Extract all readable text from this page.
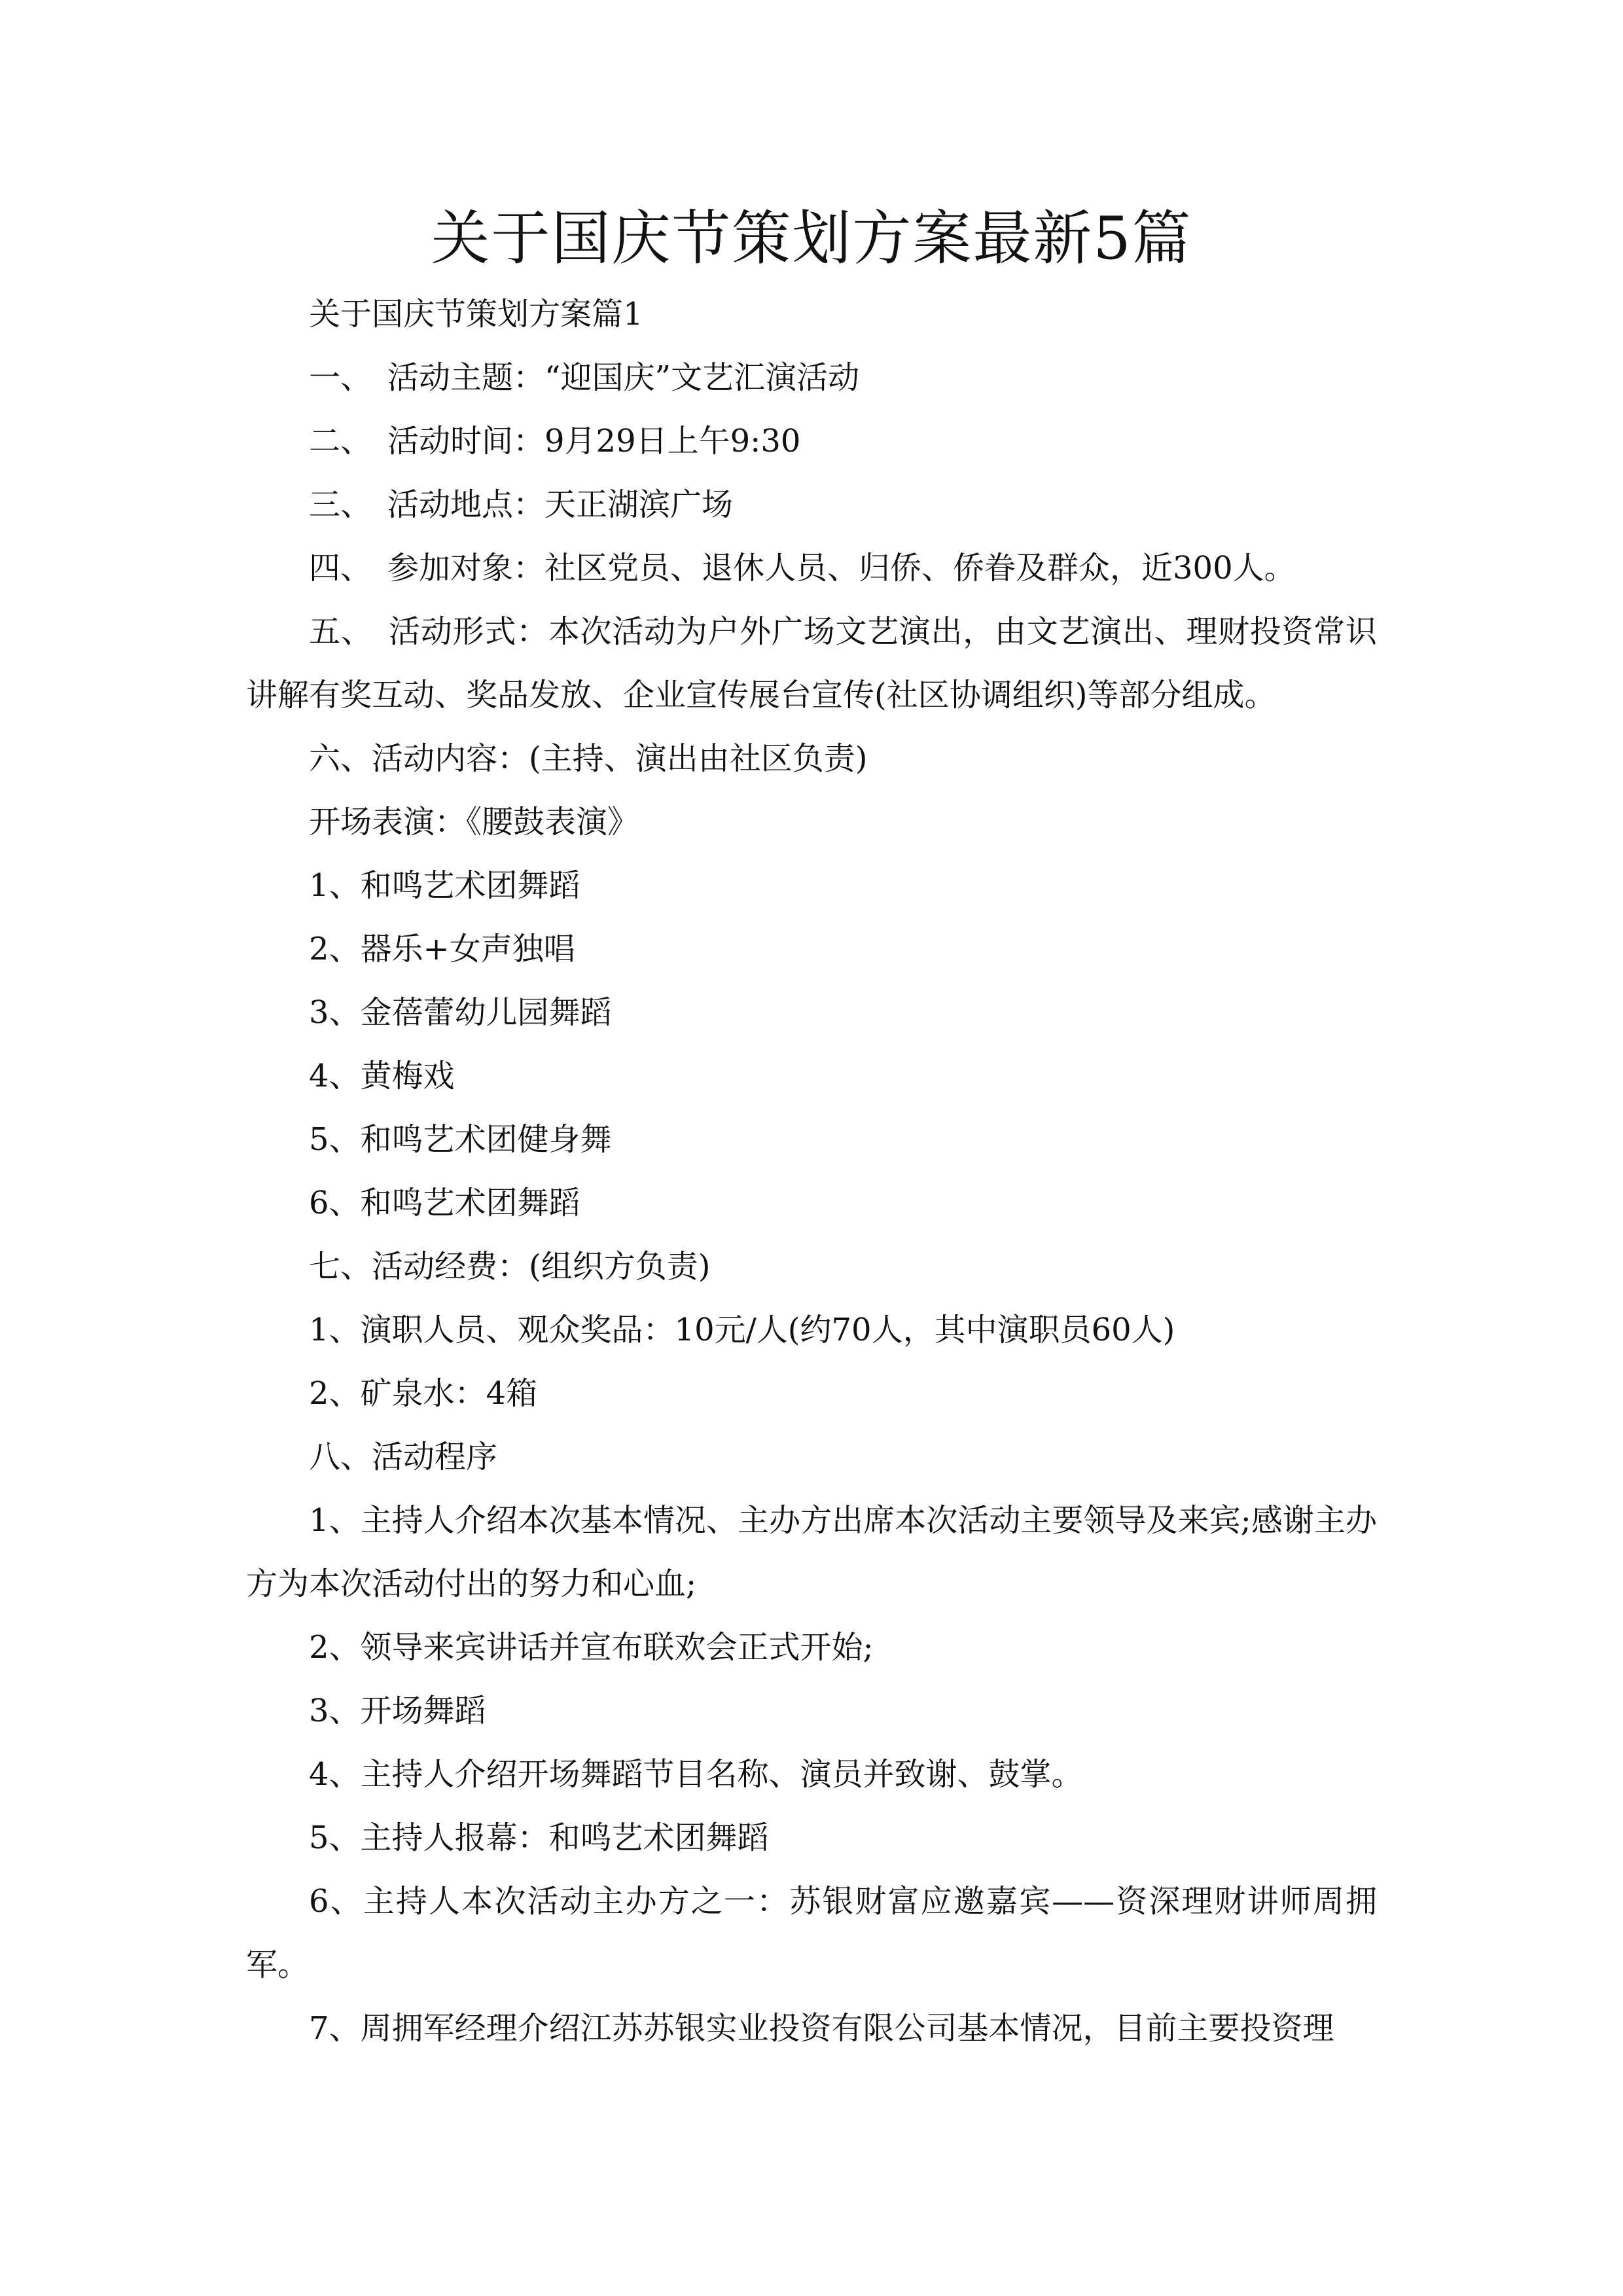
关于国庆节策划方案最新5篇

关于国庆节策划方案篇1

一、　活动主题：“迎国庆”文艺汇演活动

二、　活动时间：9月29日上午9:30

三、　活动地点：天正湖滨广场

四、　参加对象：社区党员、退休人员、归侨、侨眷及群众，近300人。

五、　活动形式：本次活动为户外广场文艺演出，由文艺演出、理财投资常识讲解有奖互动、奖品发放、企业宣传展台宣传(社区协调组织)等部分组成。

六、活动内容：(主持、演出由社区负责)

开场表演：《腰鼓表演》

1、和鸣艺术团舞蹈

2、器乐+女声独唱

3、金蓓蕾幼儿园舞蹈

4、黄梅戏

5、和鸣艺术团健身舞

6、和鸣艺术团舞蹈

七、活动经费：(组织方负责)

1、演职人员、观众奖品：10元/人(约70人，其中演职员60人)

2、矿泉水：4箱

八、活动程序

1、主持人介绍本次基本情况、主办方出席本次活动主要领导及来宾;感谢主办方为本次活动付出的努力和心血;

2、领导来宾讲话并宣布联欢会正式开始;

3、开场舞蹈

4、主持人介绍开场舞蹈节目名称、演员并致谢、鼓掌。

5、主持人报幕：和鸣艺术团舞蹈

6、主持人本次活动主办方之一：苏银财富应邀嘉宾——资深理财讲师周拥军。

7、周拥军经理介绍江苏苏银实业投资有限公司基本情况，目前主要投资理
